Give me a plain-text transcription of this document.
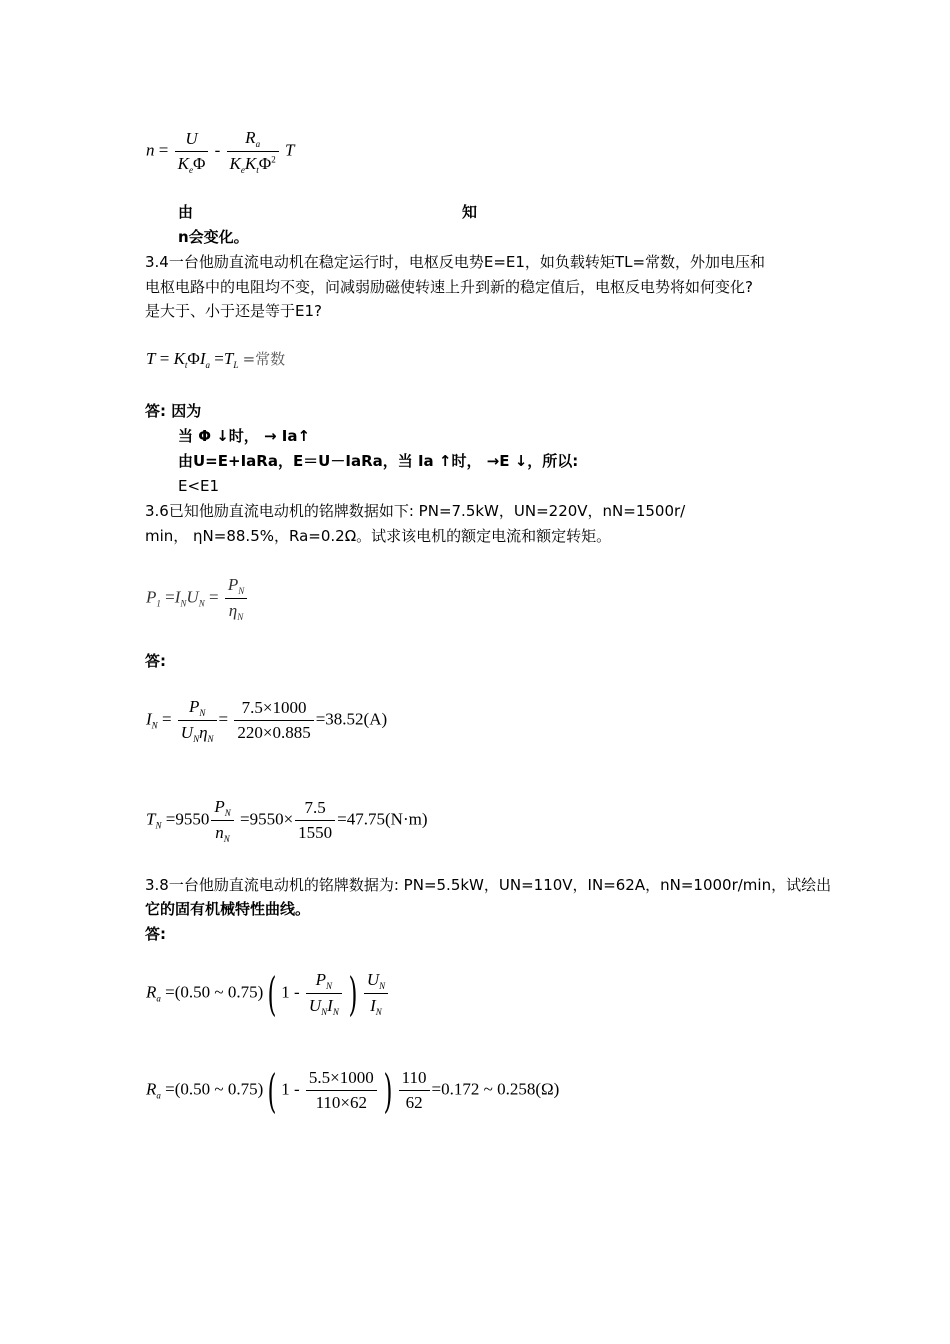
$n = \frac{U}{K_e\Phi} - \frac{R_a}{K_eK_t\Phi^2}$ T
由	知
n会变化。
3.4一台他励直流电动机在稳定运行时，电枢反电势E=E1，如负载转矩TL=常数，外加电压和
电枢电路中的电阻均不变，问减弱励磁使转速上升到新的稳定值后，电枢反电势将如何变化?
是大于、小于还是等于E1?
$T = K_t\Phi I_a =T_L$ =常数
答: 因为
当 Φ ↓时， → Ia↑
由U=E+IaRa，E＝U－IaRa，当 Ia ↑时， →E ↓，所以:
E<E1
3.6已知他励直流电动机的铭牌数据如下: PN=7.5kW，UN=220V，nN=1500r/
min， ηN=88.5%，Ra=0.2Ω。试求该电机的额定电流和额定转矩。
$P_1 =I_NU_N = \frac{P_N}{\eta_N}$
答:
$I_N = \frac{P_N}{U_N\eta_N} = \frac{7.5\times 1000}{220\times 0.885} =38.52(A)$
$T_N =9550 \frac{P_N}{n_N} =9550\times \frac{7.5}{1550} =47.75(N\cdot m)$
3.8一台他励直流电动机的铭牌数据为: PN=5.5kW，UN=110V，IN=62A，nN=1000r/min，试绘出
它的固有机械特性曲线。
答:
$R_a =(0.50$ ~ 0.75)( $1 - \frac{P_N}{U_NI_N}$ ) $\frac{U_N}{I_N}$
$R_a =(0.50$ ~ 0.75)( $1 - \frac{5.5\times 1000}{110\times 62}$ ) $\frac{110}{62} =0.172$ ~ 0.258(Ω)
